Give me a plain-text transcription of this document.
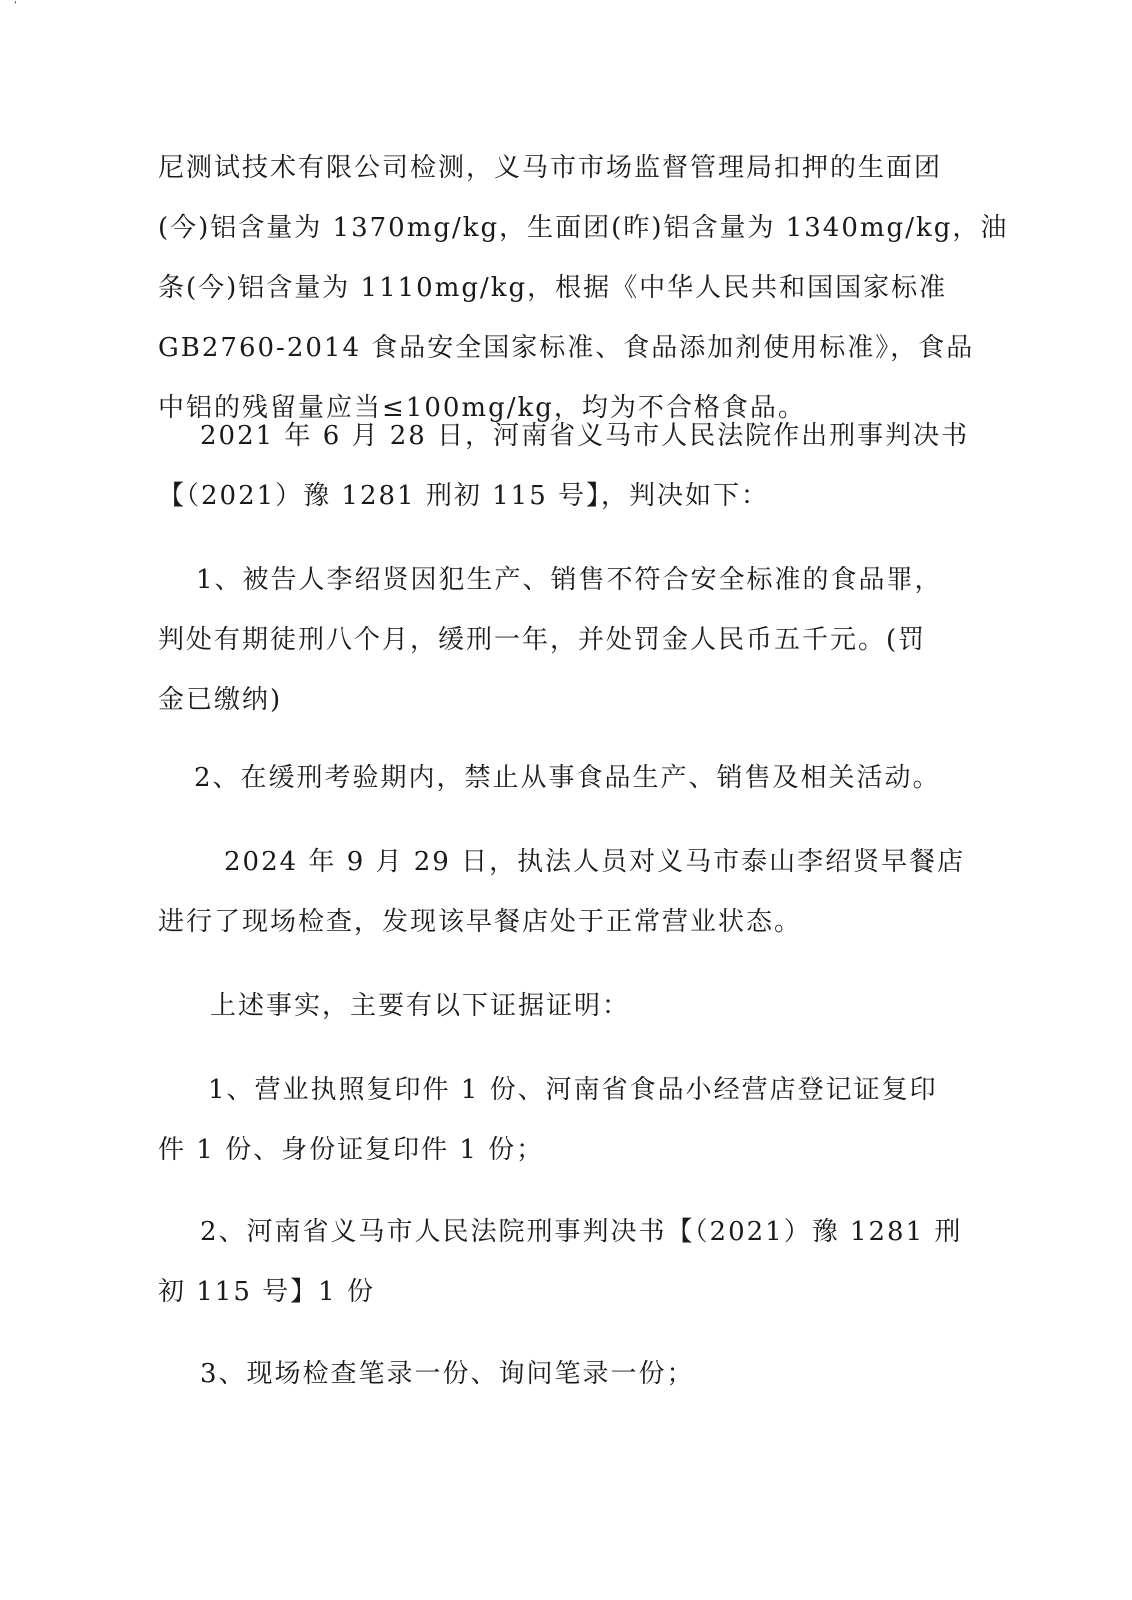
'
尼测试技术有限公司检测，义马市市场监督管理局扣押的生面团
(今)铝含量为 1370mg/kg，生面团(昨)铝含量为 1340mg/kg，油
条(今)铝含量为 1110mg/kg，根据《中华人民共和国国家标准
GB2760-2014 食品安全国家标准、食品添加剂使用标准》，食品
中铝的残留量应当≤100mg/kg，均为不合格食品。
2021 年 6 月 28 日，河南省义马市人民法院作出刑事判决书
【（2021）豫 1281 刑初 115 号】，判决如下：
1、被告人李绍贤因犯生产、销售不符合安全标准的食品罪，
判处有期徒刑八个月，缓刑一年，并处罚金人民币五千元。(罚
金已缴纳)
2、在缓刑考验期内，禁止从事食品生产、销售及相关活动。
2024 年 9 月 29 日，执法人员对义马市泰山李绍贤早餐店
进行了现场检查，发现该早餐店处于正常营业状态。
上述事实，主要有以下证据证明：
1、营业执照复印件 1 份、河南省食品小经营店登记证复印
件 1 份、身份证复印件 1 份；
2、河南省义马市人民法院刑事判决书【（2021）豫 1281 刑
初 115 号】1 份
3、现场检查笔录一份、询问笔录一份；
